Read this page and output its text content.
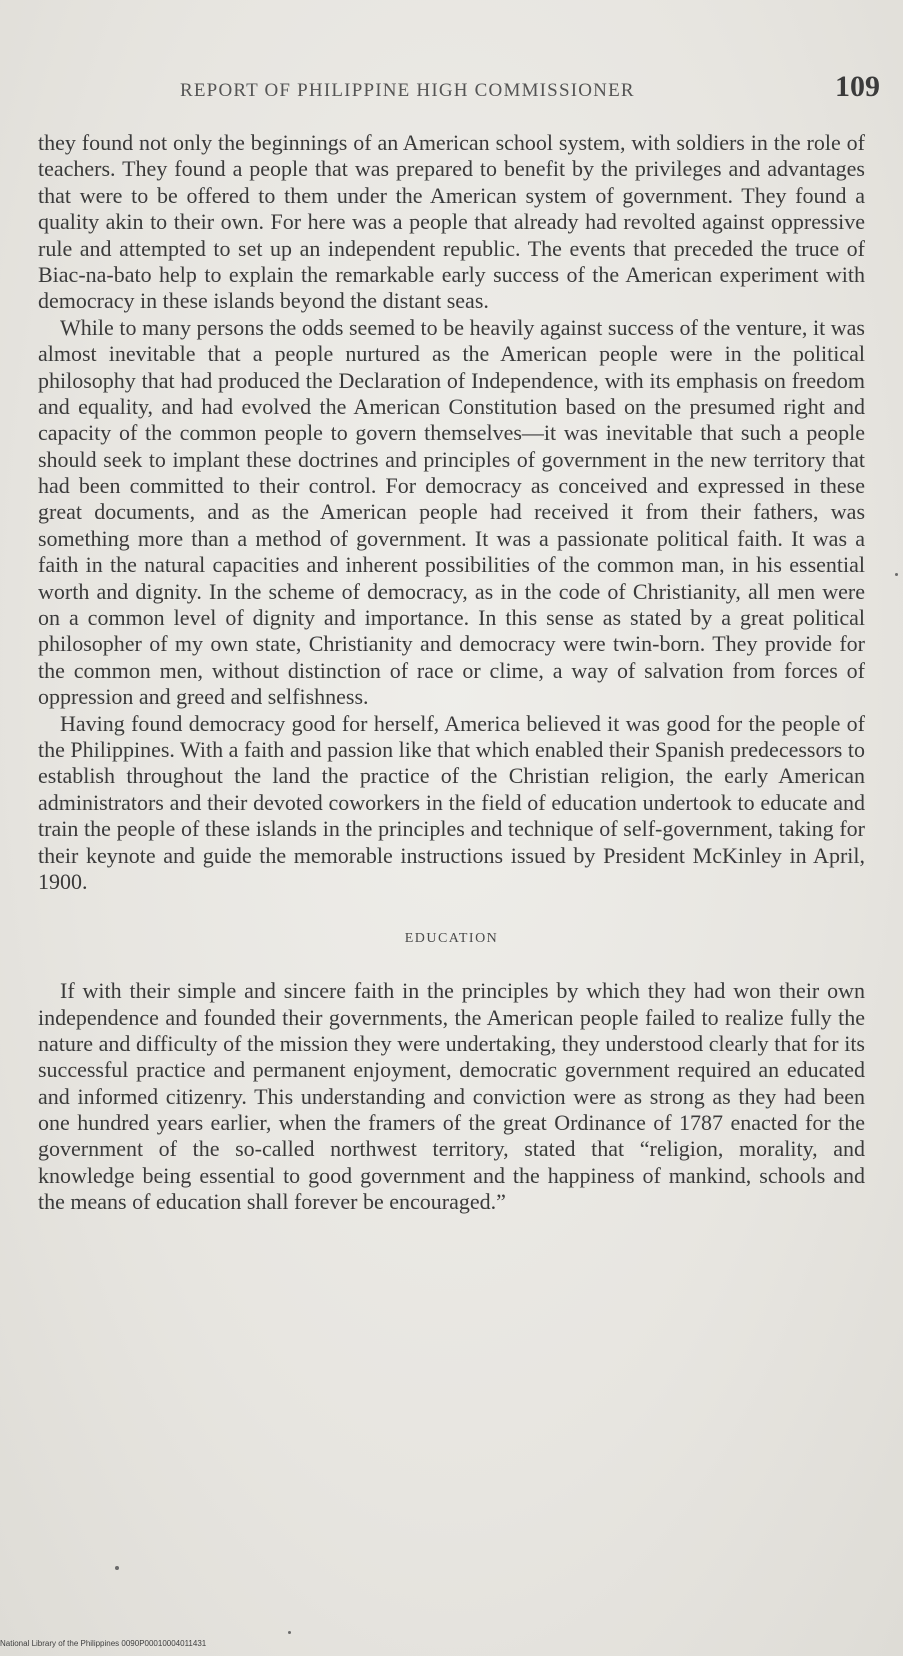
REPORT OF PHILIPPINE HIGH COMMISSIONER	109

they found not only the beginnings of an American school system, with soldiers in the role of teachers. They found a people that was prepared to benefit by the privileges and advantages that were to be offered to them under the American system of government. They found a quality akin to their own. For here was a people that already had revolted against oppressive rule and attempted to set up an independent republic. The events that preceded the truce of Biac-na-bato help to explain the remarkable early success of the American experiment with democracy in these islands beyond the distant seas.

While to many persons the odds seemed to be heavily against success of the venture, it was almost inevitable that a people nurtured as the American people were in the political philosophy that had produced the Declaration of Independence, with its emphasis on freedom and equality, and had evolved the American Constitution based on the presumed right and capacity of the common people to govern themselves—it was inevitable that such a people should seek to implant these doctrines and principles of government in the new territory that had been committed to their control. For democracy as conceived and expressed in these great documents, and as the American people had received it from their fathers, was something more than a method of government. It was a passionate political faith. It was a faith in the natural capacities and inherent possibilities of the common man, in his essential worth and dignity. In the scheme of democracy, as in the code of Christianity, all men were on a common level of dignity and importance. In this sense as stated by a great political philosopher of my own state, Christianity and democracy were twin-born. They provide for the common men, without distinction of race or clime, a way of salvation from forces of oppression and greed and selfishness.

Having found democracy good for herself, America believed it was good for the people of the Philippines. With a faith and passion like that which enabled their Spanish predecessors to establish throughout the land the practice of the Christian religion, the early American administrators and their devoted coworkers in the field of education undertook to educate and train the people of these islands in the principles and technique of self-government, taking for their keynote and guide the memorable instructions issued by President McKinley in April, 1900.

EDUCATION

If with their simple and sincere faith in the principles by which they had won their own independence and founded their governments, the American people failed to realize fully the nature and difficulty of the mission they were undertaking, they understood clearly that for its successful practice and permanent enjoyment, democratic government required an educated and informed citizenry. This understanding and conviction were as strong as they had been one hundred years earlier, when the framers of the great Ordinance of 1787 enacted for the government of the so-called northwest territory, stated that “religion, morality, and knowledge being essential to good government and the happiness of mankind, schools and the means of education shall forever be encouraged.”

National Library of the Philippines 0090P00010004011431
